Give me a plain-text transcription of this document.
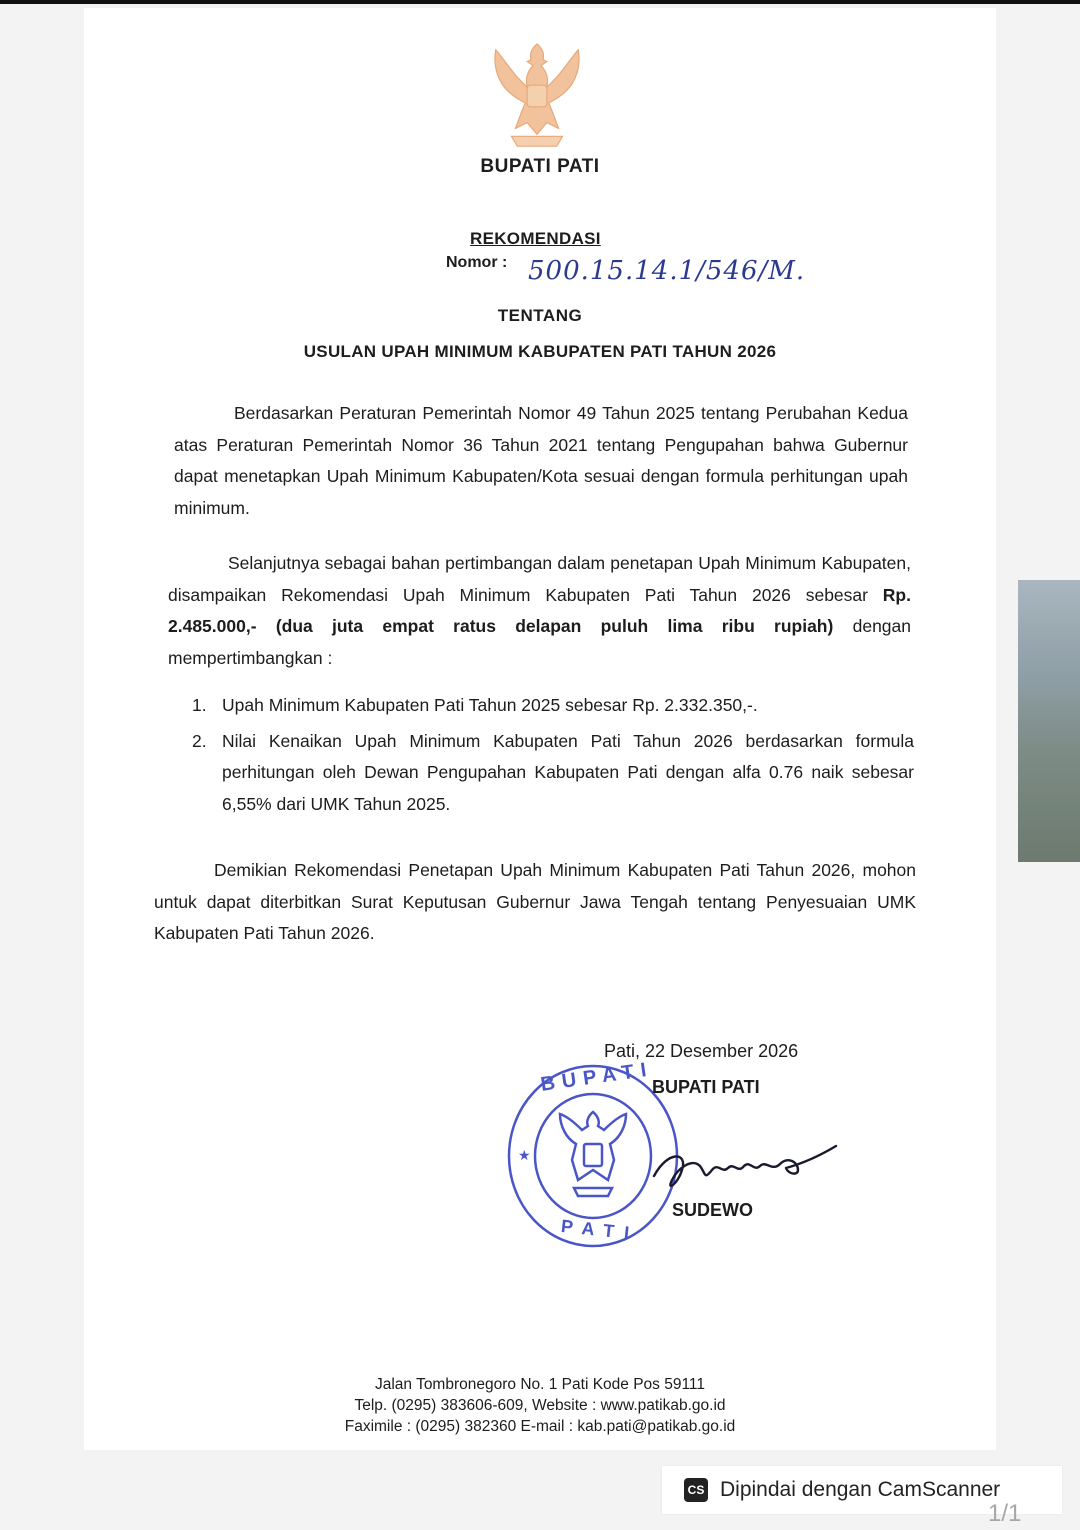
BUPATI PATI
REKOMENDASI
Nomor : 500.15.14.1/546/M.
TENTANG
USULAN UPAH MINIMUM KABUPATEN PATI TAHUN 2026
Berdasarkan Peraturan Pemerintah Nomor 49 Tahun 2025 tentang Perubahan Kedua atas Peraturan Pemerintah Nomor 36 Tahun 2021 tentang Pengupahan bahwa Gubernur dapat menetapkan Upah Minimum Kabupaten/Kota sesuai dengan formula perhitungan upah minimum.
Selanjutnya sebagai bahan pertimbangan dalam penetapan Upah Minimum Kabupaten, disampaikan Rekomendasi Upah Minimum Kabupaten Pati Tahun 2026 sebesar Rp. 2.485.000,- (dua juta empat ratus delapan puluh lima ribu rupiah) dengan mempertimbangkan :
1. Upah Minimum Kabupaten Pati Tahun 2025 sebesar Rp. 2.332.350,-.
2. Nilai Kenaikan Upah Minimum Kabupaten Pati Tahun 2026 berdasarkan formula perhitungan oleh Dewan Pengupahan Kabupaten Pati dengan alfa 0.76 naik sebesar 6,55% dari UMK Tahun 2025.
Demikian Rekomendasi Penetapan Upah Minimum Kabupaten Pati Tahun 2026, mohon untuk dapat diterbitkan Surat Keputusan Gubernur Jawa Tengah tentang Penyesuaian UMK Kabupaten Pati Tahun 2026.
★
BUPATI
PATI
Pati, 22 Desember 2026
BUPATI PATI
SUDEWO
Jalan Tombronegoro No. 1 Pati Kode Pos 59111
Telp. (0295) 383606-609, Website : www.patikab.go.id
Faximile : (0295) 382360 E-mail : kab.pati@patikab.go.id
CS Dipindai dengan CamScanner
1/1
